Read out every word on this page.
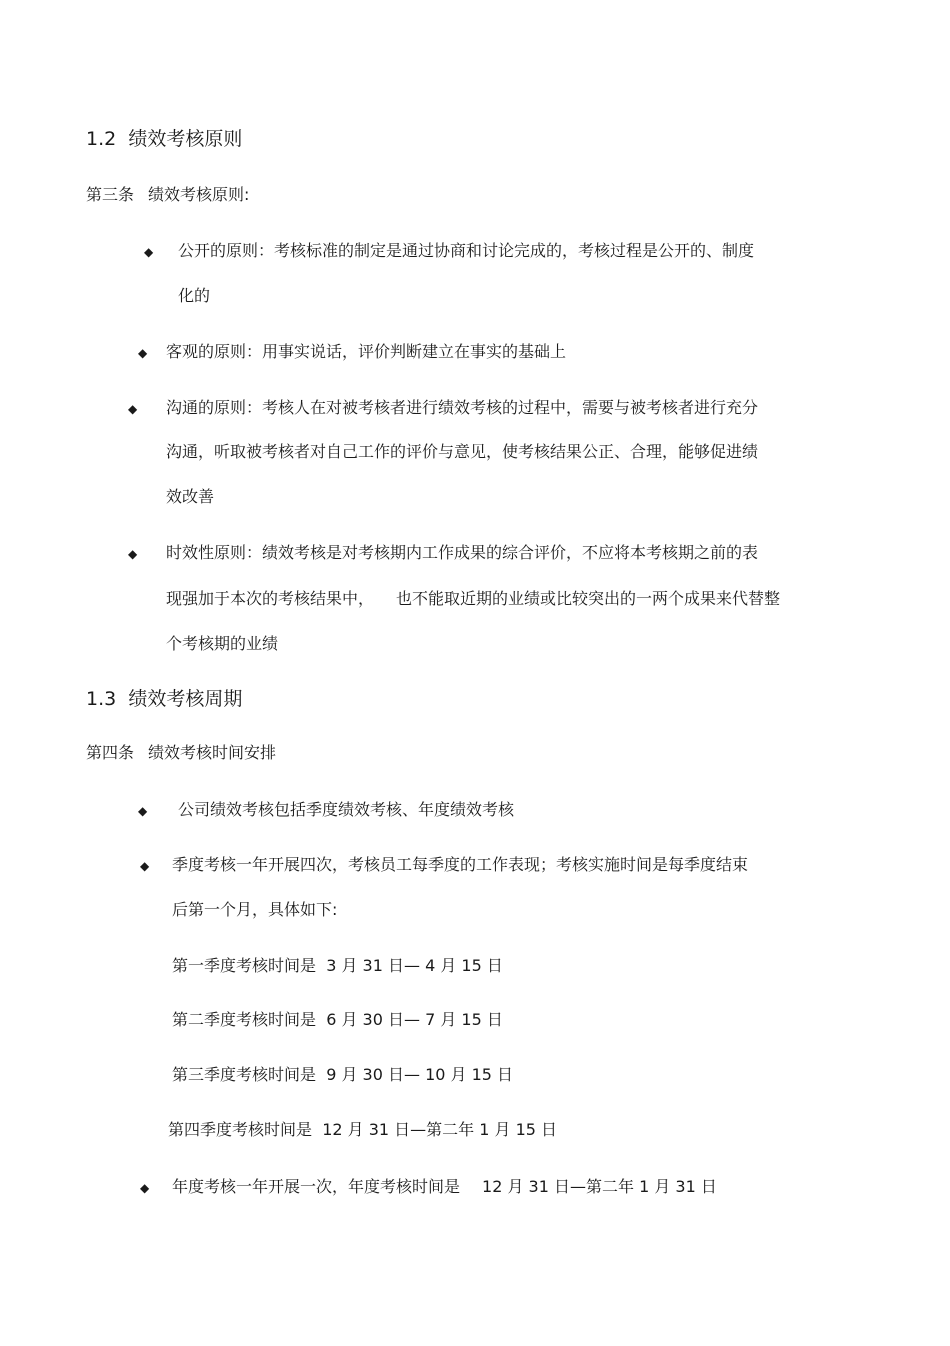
1.2 绩效考核原则
第三条 绩效考核原则:
◆ 公开的原则：考核标准的制定是通过协商和讨论完成的，考核过程是公开的、制度
化的
◆ 客观的原则：用事实说话，评价判断建立在事实的基础上
◆ 沟通的原则：考核人在对被考核者进行绩效考核的过程中，需要与被考核者进行充分
沟通，听取被考核者对自己工作的评价与意见，使考核结果公正、合理，能够促进绩
效改善
◆ 时效性原则：绩效考核是对考核期内工作成果的综合评价，不应将本考核期之前的表
现强加于本次的考核结果中， 也不能取近期的业绩或比较突出的一两个成果来代替整
个考核期的业绩
1.3 绩效考核周期
第四条 绩效考核时间安排
◆ 公司绩效考核包括季度绩效考核、年度绩效考核
◆ 季度考核一年开展四次，考核员工每季度的工作表现；考核实施时间是每季度结束
后第一个月，具体如下:
第一季度考核时间是 3 月 31 日— 4 月 15 日
第二季度考核时间是 6 月 30 日— 7 月 15 日
第三季度考核时间是 9 月 30 日— 10 月 15 日
第四季度考核时间是 12 月 31 日—第二年 1 月 15 日
◆ 年度考核一年开展一次，年度考核时间是 12 月 31 日—第二年 1 月 31 日
